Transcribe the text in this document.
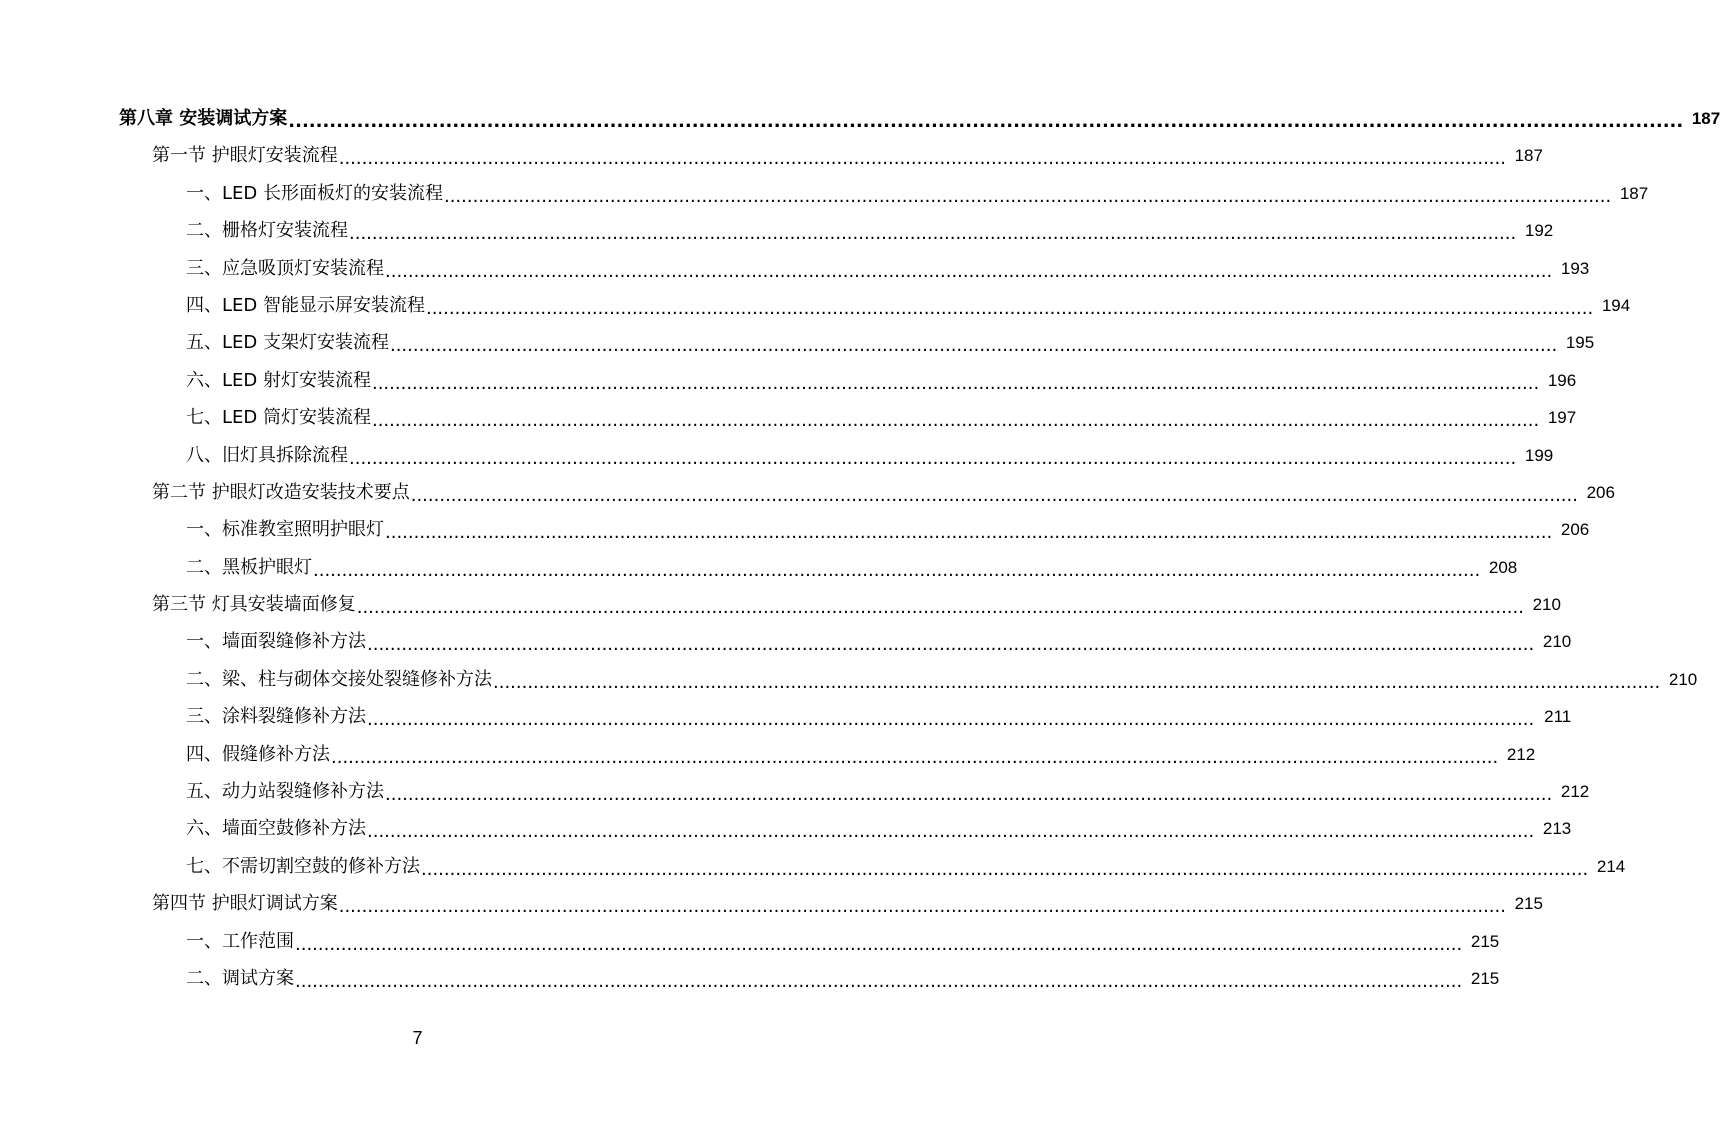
第八章 安装调试方案 .....	187
第一节 护眼灯安装流程 .....	187
一、LED 长形面板灯的安装流程 .....	187
二、栅格灯安装流程 .....	192
三、应急吸顶灯安装流程 .....	193
四、LED 智能显示屏安装流程 .....	194
五、LED 支架灯安装流程 .....	195
六、LED 射灯安装流程 .....	196
七、LED 筒灯安装流程 .....	197
八、旧灯具拆除流程 .....	199
第二节 护眼灯改造安装技术要点 .....	206
一、标准教室照明护眼灯 .....	206
二、黑板护眼灯 .....	208
第三节 灯具安装墙面修复 .....	210
一、墙面裂缝修补方法 .....	210
二、梁、柱与砌体交接处裂缝修补方法 .....	210
三、涂料裂缝修补方法 .....	211
四、假缝修补方法 .....	212
五、动力站裂缝修补方法 .....	212
六、墙面空鼓修补方法 .....	213
七、不需切割空鼓的修补方法 .....	214
第四节 护眼灯调试方案 .....	215
一、工作范围 .....	215
二、调试方案 .....	215
7
